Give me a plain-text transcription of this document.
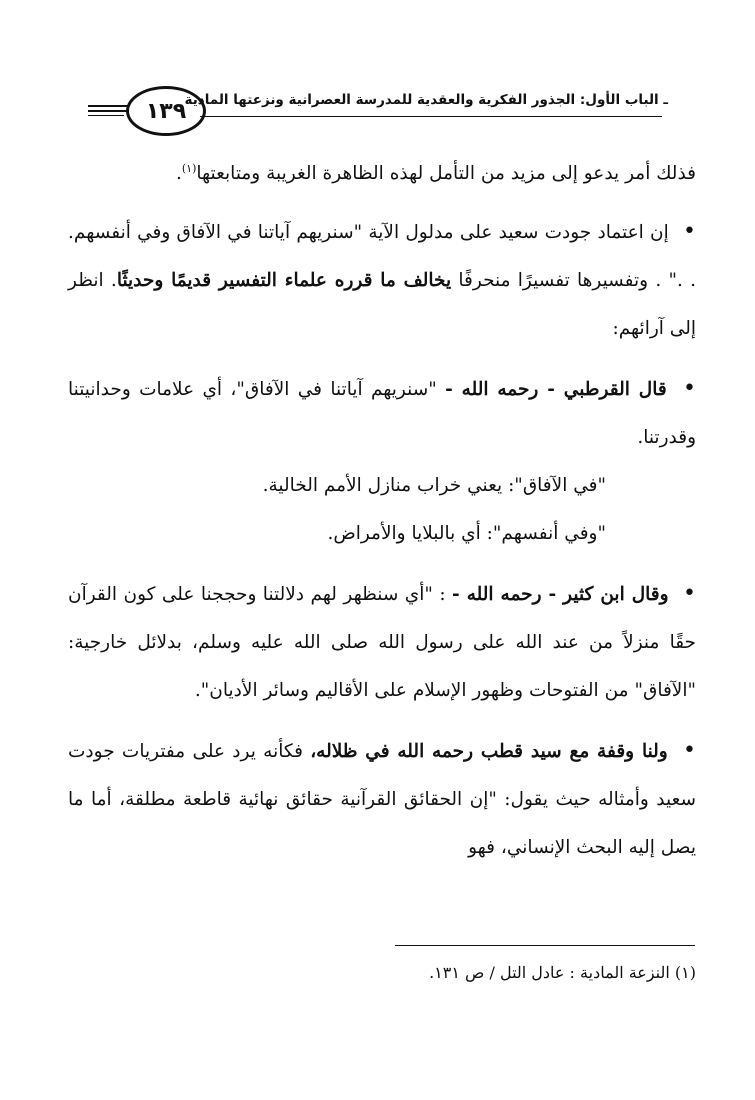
١٣٩
ـ الباب الأول: الجذور الفكرية والعقدية للمدرسة العصرانية ونزعتها المادية

فذلك أمر يدعو إلى مزيد من التأمل لهذه الظاهرة الغريبة ومتابعتها$^{(١)}$.

• إن اعتماد جودت سعيد على مدلول الآية "سنريهم آياتنا في الآفاق وفي أنفسهم. . ." . وتفسيرها تفسيرًا منحرفًا يخالف ما قرره علماء التفسير قديمًا وحديثًا. انظر إلى آرائهم:

• قال القرطبي - رحمه الله - "سنريهم آياتنا في الآفاق"، أي علامات وحدانيتنا وقدرتنا.

"في الآفاق": يعني خراب منازل الأمم الخالية.

"وفي أنفسهم": أي بالبلايا والأمراض.

• وقال ابن كثير - رحمه الله - : "أي سنظهر لهم دلالتنا وحججنا على كون القرآن حقًا منزلاً من عند الله على رسول الله صلى الله عليه وسلم، بدلائل خارجية: "الآفاق" من الفتوحات وظهور الإسلام على الأقاليم وسائر الأديان".

• ولنا وقفة مع سيد قطب رحمه الله في ظلاله، فكأنه يرد على مفتريات جودت سعيد وأمثاله حيث يقول: "إن الحقائق القرآنية حقائق نهائية قاطعة مطلقة، أما ما يصل إليه البحث الإنساني، فهو

(١) النزعة المادية : عادل التل / ص ١٣١.
